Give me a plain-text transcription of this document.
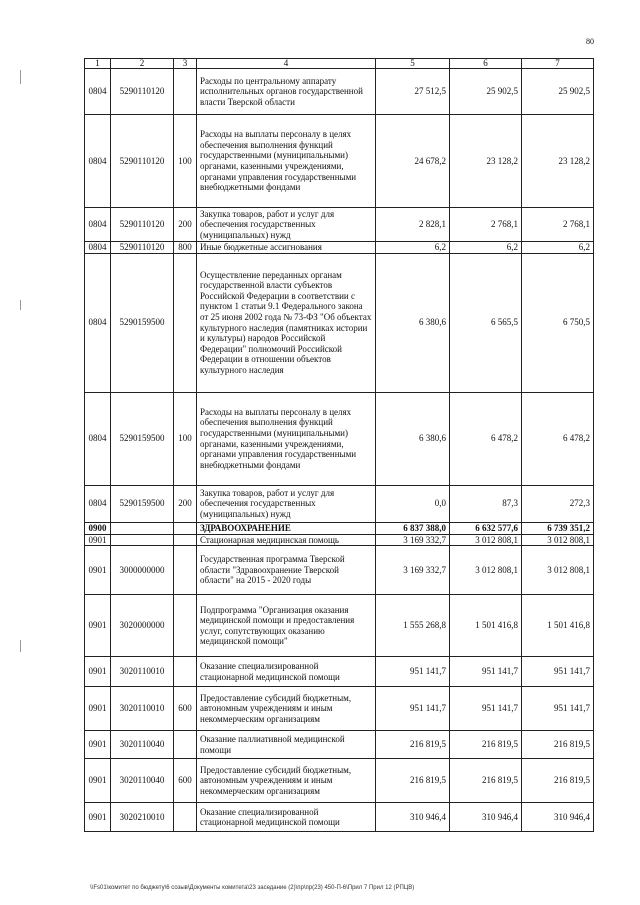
80
1	2	3	4	5	6	7
0804	5290110120		Расходы по центральному аппарату исполнительных органов государственной власти Тверской области	27 512,5	25 902,5	25 902,5
0804	5290110120	100	Расходы на выплаты персоналу в целях обеспечения выполнения функций государственными (муниципальными) органами, казенными учреждениями, органами управления государственными внебюджетными фондами	24 678,2	23 128,2	23 128,2
0804	5290110120	200	Закупка товаров, работ и услуг для обеспечения государственных (муниципальных) нужд	2 828,1	2 768,1	2 768,1
0804	5290110120	800	Иные бюджетные ассигнования	6,2	6,2	6,2
0804	5290159500		Осуществление переданных органам государственной власти субъектов Российской Федерации в соответствии с пунктом 1 статьи 9.1 Федерального закона от 25 июня 2002 года № 73-ФЗ "Об объектах культурного наследия (памятниках истории и культуры) народов Российской Федерации" полномочий Российской Федерации в отношении объектов культурного наследия	6 380,6	6 565,5	6 750,5
0804	5290159500	100	Расходы на выплаты персоналу в целях обеспечения выполнения функций государственными (муниципальными) органами, казенными учреждениями, органами управления государственными внебюджетными фондами	6 380,6	6 478,2	6 478,2
0804	5290159500	200	Закупка товаров, работ и услуг для обеспечения государственных (муниципальных) нужд	0,0	87,3	272,3
0900			ЗДРАВООХРАНЕНИЕ	6 837 388,0	6 632 577,6	6 739 351,2
0901			Стационарная медицинская помощь	3 169 332,7	3 012 808,1	3 012 808,1
0901	3000000000		Государственная программа Тверской области "Здравоохранение Тверской области" на 2015 - 2020 годы	3 169 332,7	3 012 808,1	3 012 808,1
0901	3020000000		Подпрограмма "Организация оказания медицинской помощи и предоставления услуг, сопутствующих оказанию медицинской помощи"	1 555 268,8	1 501 416,8	1 501 416,8
0901	3020110010		Оказание специализированной стационарной медицинской помощи	951 141,7	951 141,7	951 141,7
0901	3020110010	600	Предоставление субсидий бюджетным, автономным учреждениям и иным некоммерческим организациям	951 141,7	951 141,7	951 141,7
0901	3020110040		Оказание паллиативной медицинской помощи	216 819,5	216 819,5	216 819,5
0901	3020110040	600	Предоставление субсидий бюджетным, автономным учреждениям и иным некоммерческим организациям	216 819,5	216 819,5	216 819,5
0901	3020210010		Оказание специализированной стационарной медицинской помощи	310 946,4	310 946,4	310 946,4
\\Fs01\комитет по бюджету\6 созыв\Документы комитета\23 заседание (2)\пр\пр(23) 450-П-6\Прил 7 Прил 12 (РПЦВ)
